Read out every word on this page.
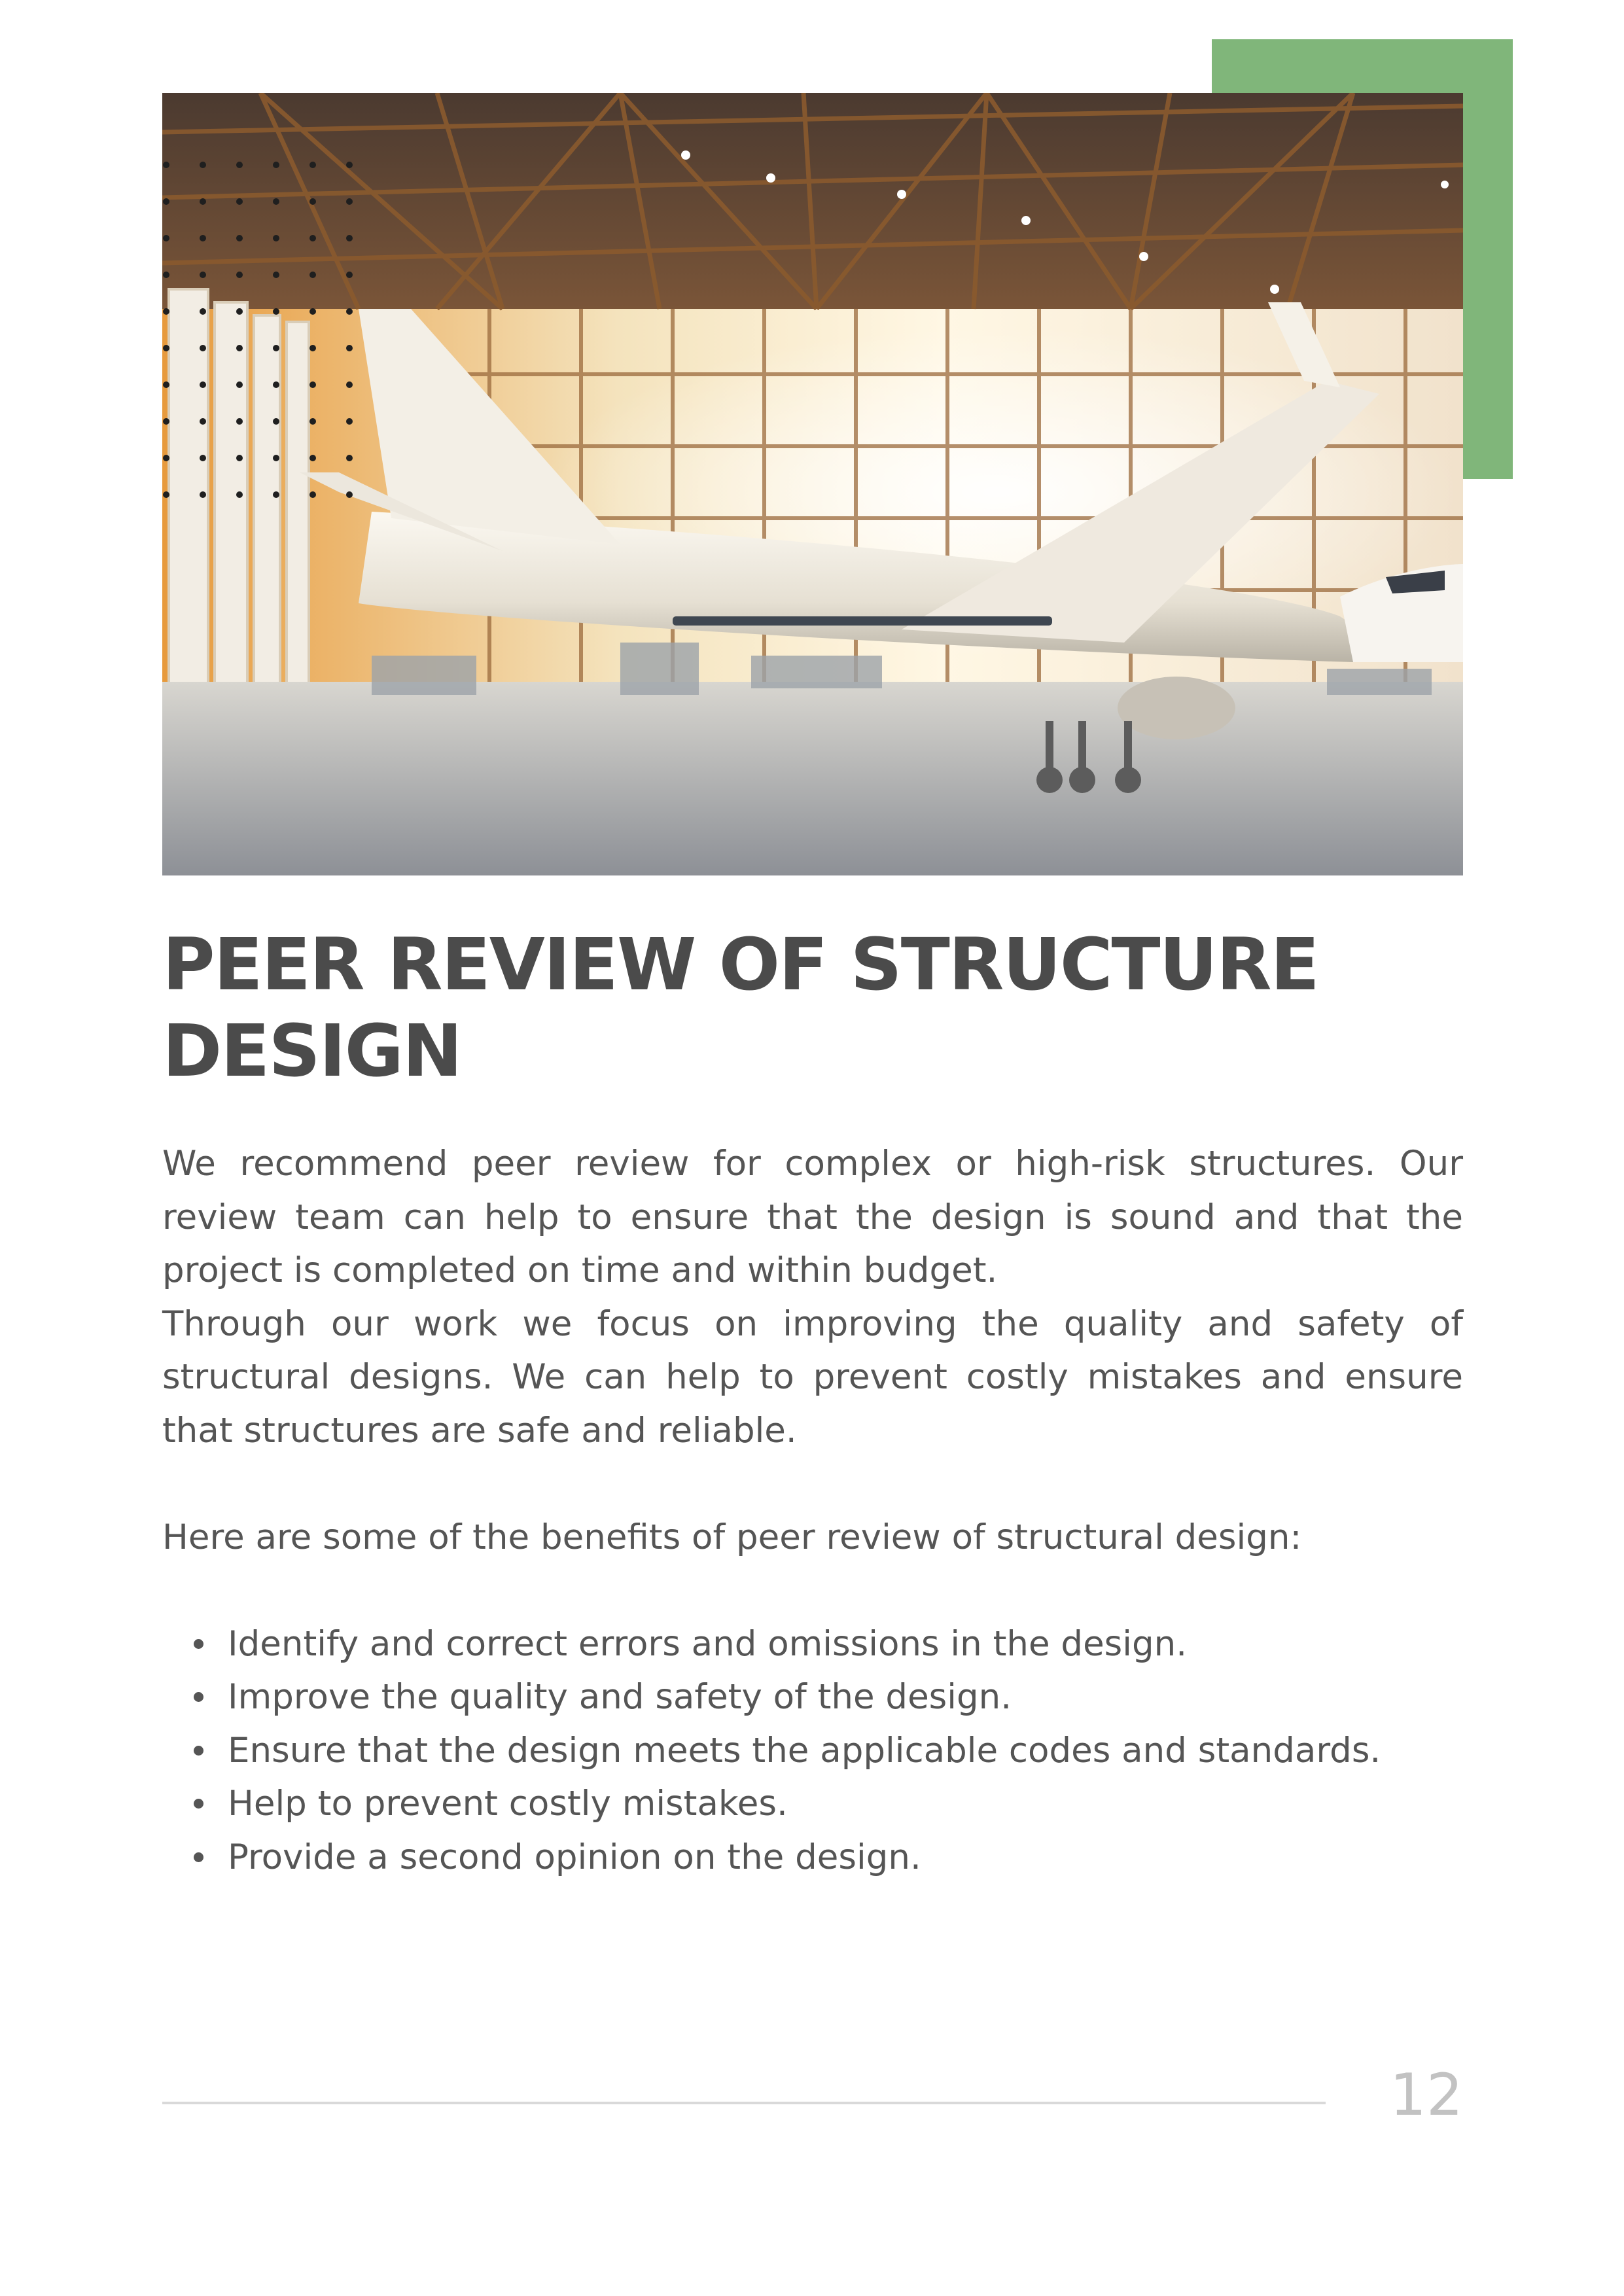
PEER REVIEW OF STRUCTURE DESIGN

We recommend peer review for complex or high-risk structures. Our review team can help to ensure that the design is sound and that the project is completed on time and within budget.

Through our work we focus on improving the quality and safety of structural designs. We can help to prevent costly mistakes and ensure that structures are safe and reliable.

Here are some of the benefits of peer review of structural design:

Identify and correct errors and omissions in the design.
Improve the quality and safety of the design.
Ensure that the design meets the applicable codes and standards.
Help to prevent costly mistakes.
Provide a second opinion on the design.
12
